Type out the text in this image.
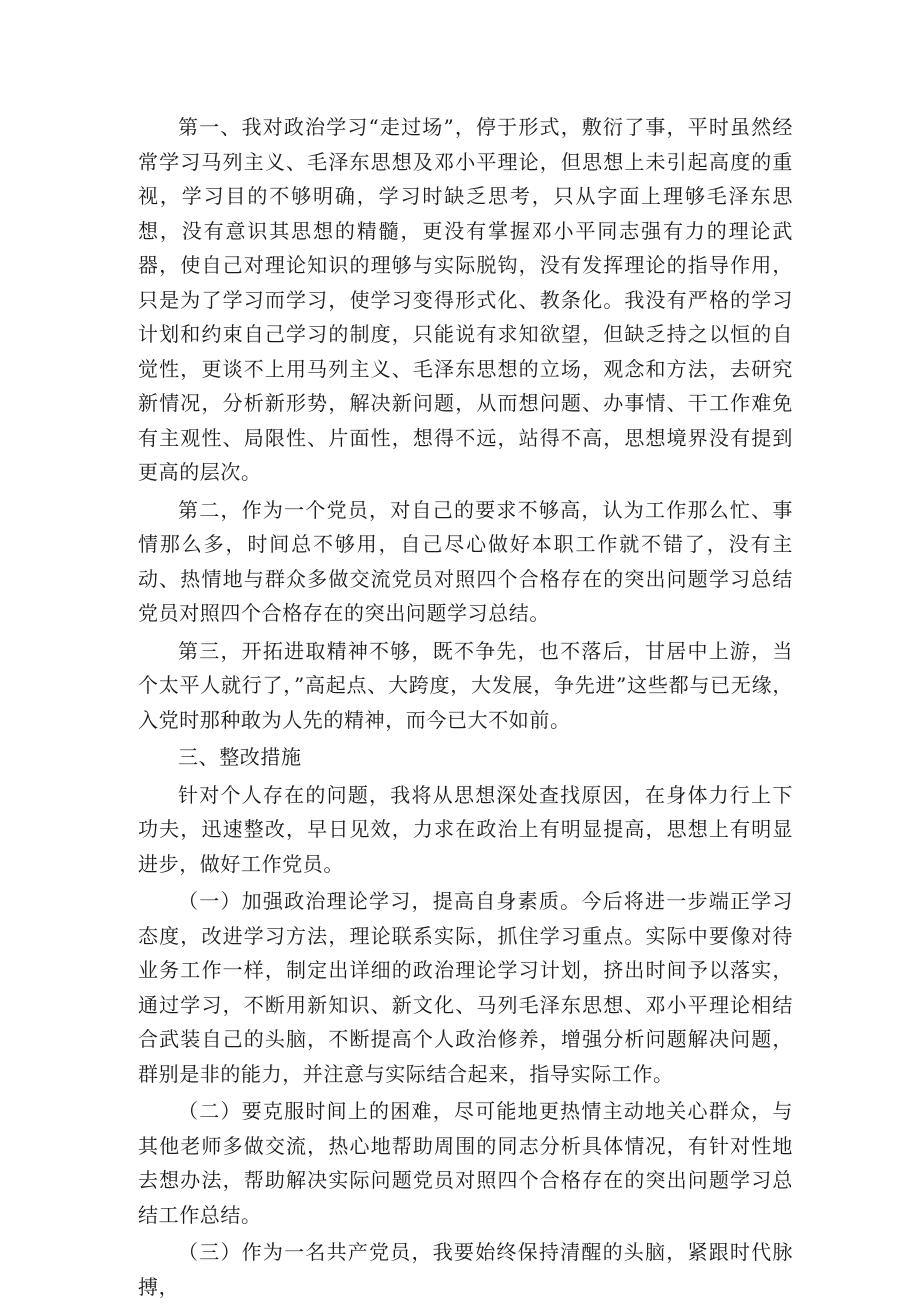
第一、我对政治学习“走过场”，停于形式，敷衍了事，平时虽然经常学习马列主义、毛泽东思想及邓小平理论，但思想上未引起高度的重视，学习目的不够明确，学习时缺乏思考，只从字面上理够毛泽东思想，没有意识其思想的精髓，更没有掌握邓小平同志强有力的理论武器，使自己对理论知识的理够与实际脱钩，没有发挥理论的指导作用，只是为了学习而学习，使学习变得形式化、教条化。我没有严格的学习计划和约束自己学习的制度，只能说有求知欲望，但缺乏持之以恒的自觉性，更谈不上用马列主义、毛泽东思想的立场，观念和方法，去研究新情况，分析新形势，解决新问题，从而想问题、办事情、干工作难免有主观性、局限性、片面性，想得不远，站得不高，思想境界没有提到更高的层次。

第二，作为一个党员，对自己的要求不够高，认为工作那么忙、事情那么多，时间总不够用，自己尽心做好本职工作就不错了，没有主动、热情地与群众多做交流党员对照四个合格存在的突出问题学习总结党员对照四个合格存在的突出问题学习总结。

第三，开拓进取精神不够，既不争先，也不落后，甘居中上游，当个太平人就行了，”高起点、大跨度，大发展，争先进”这些都与已无缘，入党时那种敢为人先的精神，而今已大不如前。

三、整改措施

针对个人存在的问题，我将从思想深处查找原因，在身体力行上下功夫，迅速整改，早日见效，力求在政治上有明显提高，思想上有明显进步，做好工作党员。

（一）加强政治理论学习，提高自身素质。今后将进一步端正学习态度，改进学习方法，理论联系实际，抓住学习重点。实际中要像对待业务工作一样，制定出详细的政治理论学习计划，挤出时间予以落实，通过学习，不断用新知识、新文化、马列毛泽东思想、邓小平理论相结合武装自己的头脑，不断提高个人政治修养，增强分析问题解决问题，群别是非的能力，并注意与实际结合起来，指导实际工作。

（二）要克服时间上的困难，尽可能地更热情主动地关心群众，与其他老师多做交流，热心地帮助周围的同志分析具体情况，有针对性地去想办法，帮助解决实际问题党员对照四个合格存在的突出问题学习总结工作总结。

（三）作为一名共产党员，我要始终保持清醒的头脑，紧跟时代脉搏，
